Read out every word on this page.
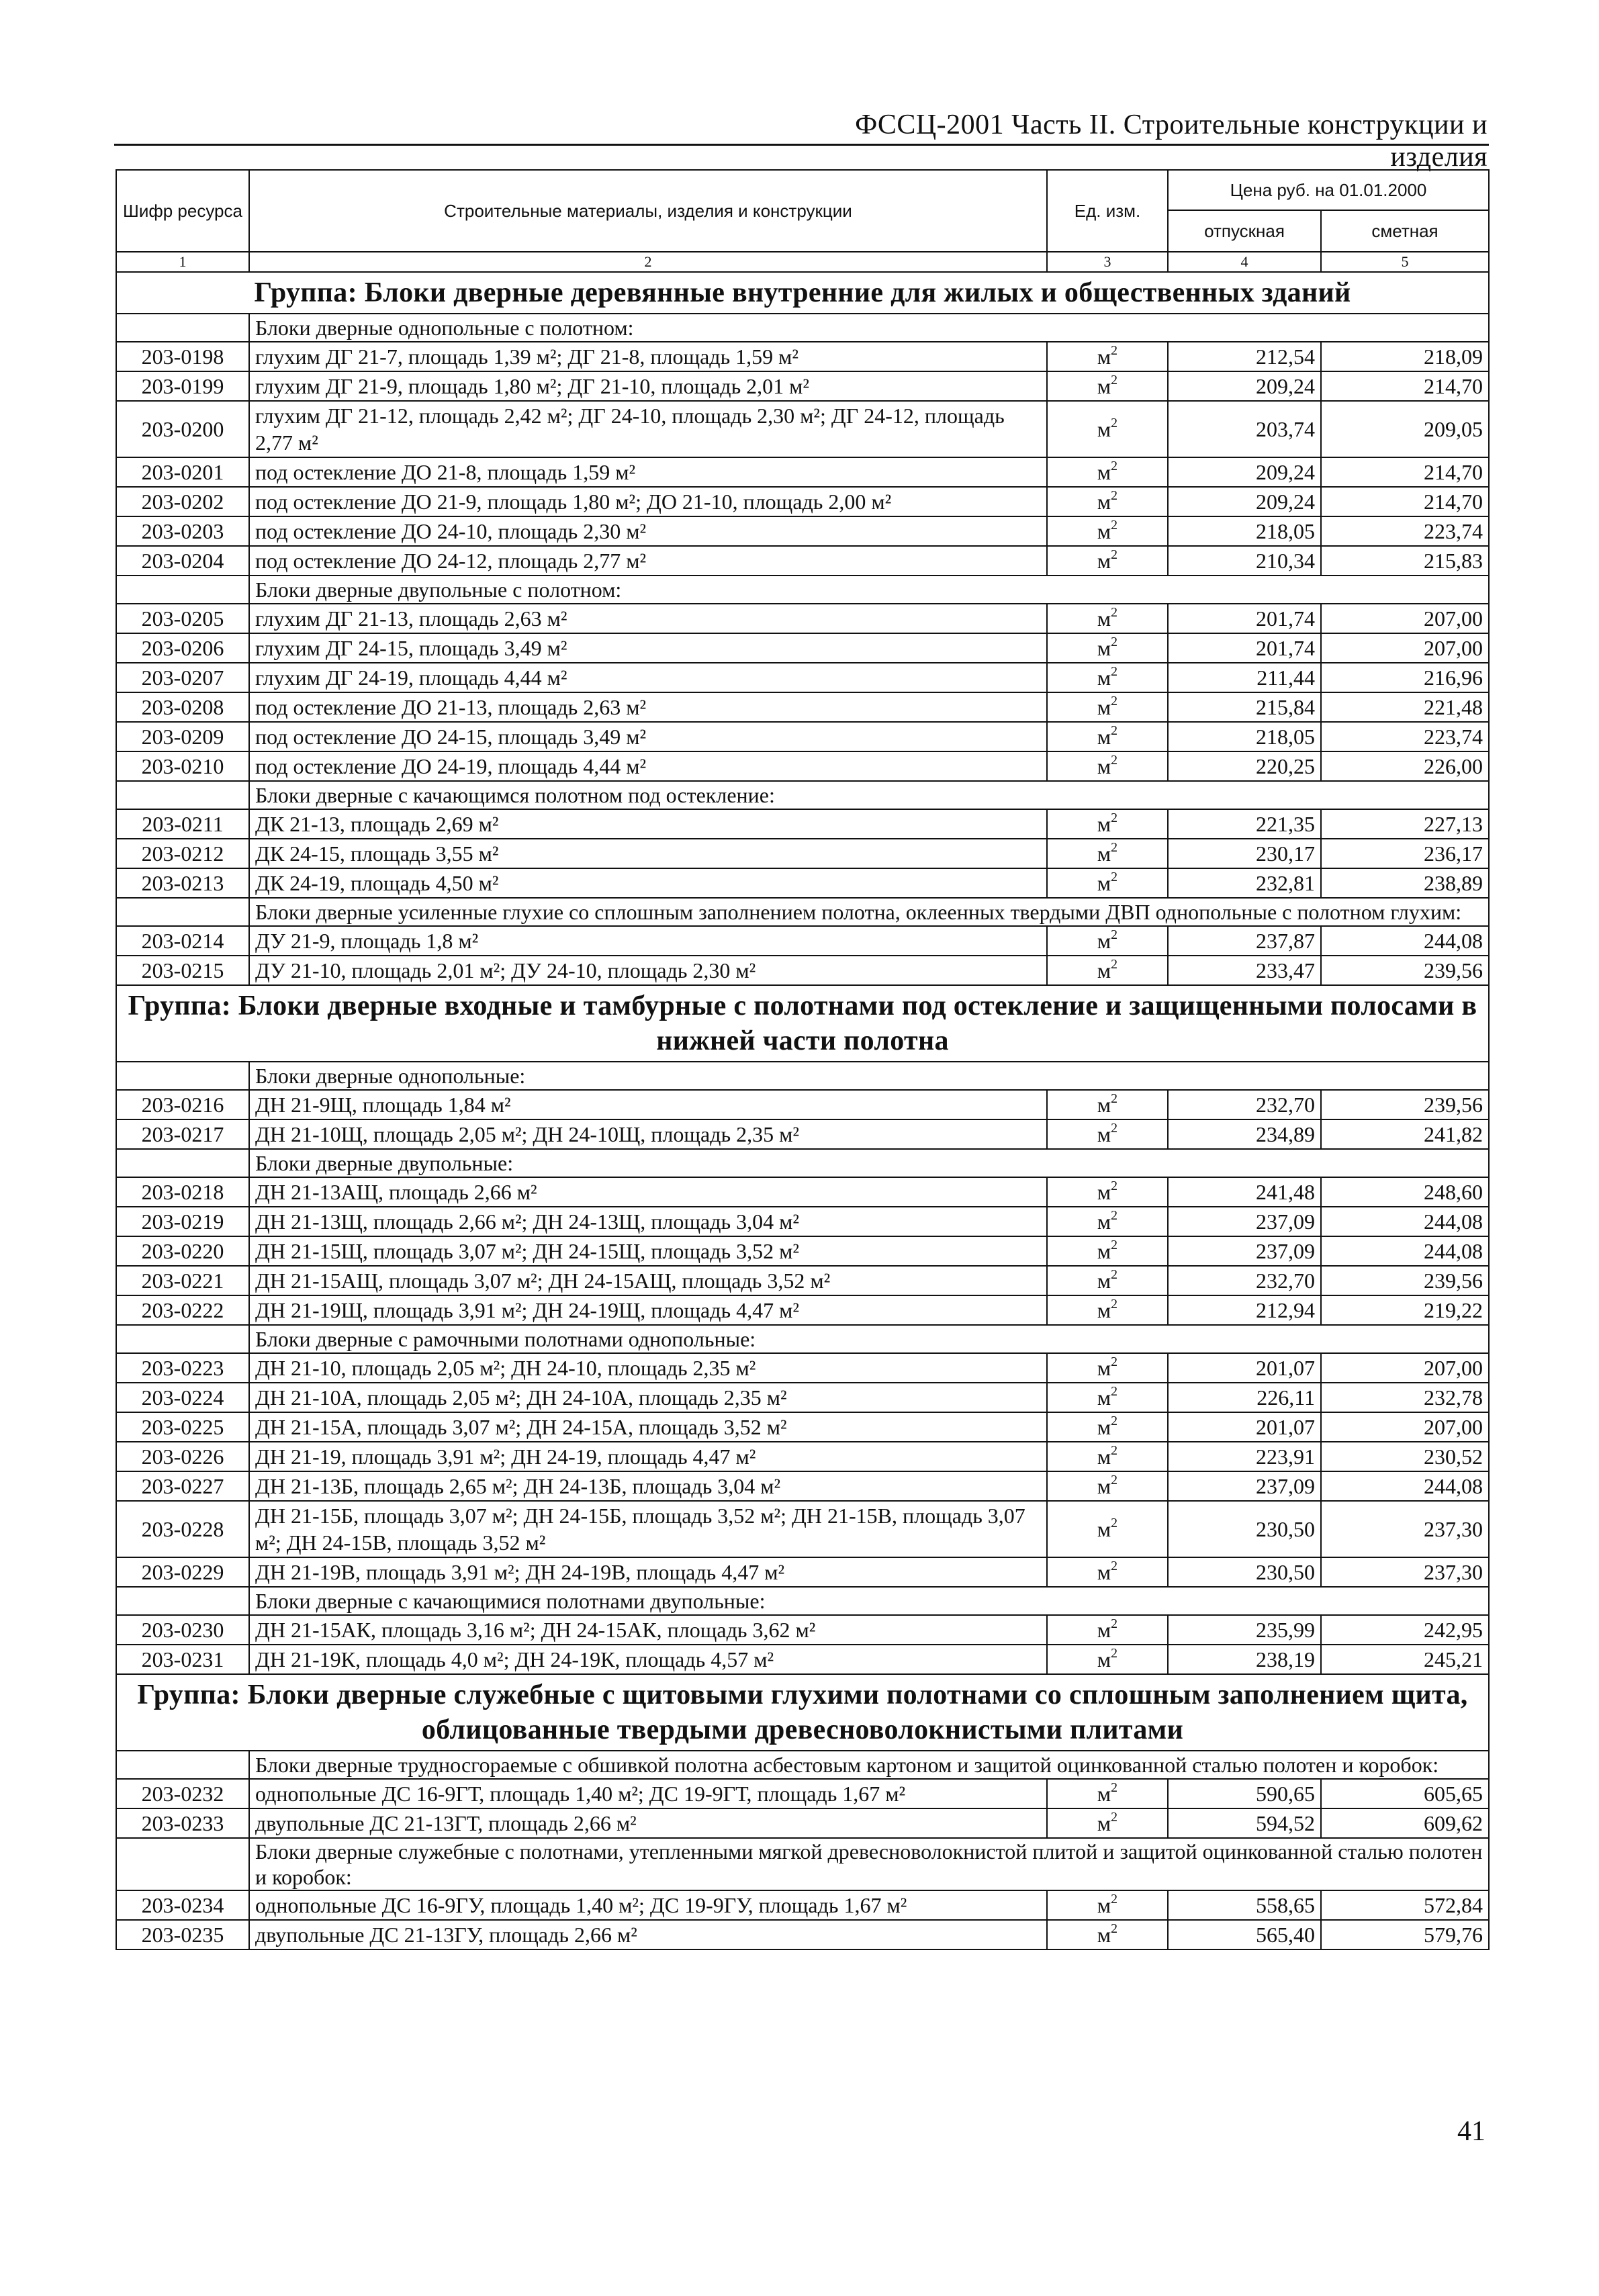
ФССЦ-2001 Часть II. Строительные конструкции и изделия
Шифр ресурса	Строительные материалы, изделия и конструкции	Ед. изм.	Цена руб. на 01.01.2000	
			отпускная	сметная
1	2	3	4	5
Группа: Блоки дверные деревянные внутренние для жилых и общественных зданий				
	Блоки дверные однопольные с полотном:			
203-0198	глухим ДГ 21-7, площадь 1,39 м²; ДГ 21-8, площадь 1,59 м²	$м^2$	212,54	218,09
203-0199	глухим ДГ 21-9, площадь 1,80 м²; ДГ 21-10, площадь 2,01 м²	$м^2$	209,24	214,70
203-0200	глухим ДГ 21-12, площадь 2,42 м²; ДГ 24-10, площадь 2,30 м²; ДГ 24-12, площадь 2,77 м²	$м^2$	203,74	209,05
203-0201	под остекление ДО 21-8, площадь 1,59 м²	$м^2$	209,24	214,70
203-0202	под остекление ДО 21-9, площадь 1,80 м²; ДО 21-10, площадь 2,00 м²	$м^2$	209,24	214,70
203-0203	под остекление ДО 24-10, площадь 2,30 м²	$м^2$	218,05	223,74
203-0204	под остекление ДО 24-12, площадь 2,77 м²	$м^2$	210,34	215,83
	Блоки дверные двупольные с полотном:			
203-0205	глухим ДГ 21-13, площадь 2,63 м²	$м^2$	201,74	207,00
203-0206	глухим ДГ 24-15, площадь 3,49 м²	$м^2$	201,74	207,00
203-0207	глухим ДГ 24-19, площадь 4,44 м²	$м^2$	211,44	216,96
203-0208	под остекление ДО 21-13, площадь 2,63 м²	$м^2$	215,84	221,48
203-0209	под остекление ДО 24-15, площадь 3,49 м²	$м^2$	218,05	223,74
203-0210	под остекление ДО 24-19, площадь 4,44 м²	$м^2$	220,25	226,00
	Блоки дверные с качающимся полотном под остекление:			
203-0211	ДК 21-13, площадь 2,69 м²	$м^2$	221,35	227,13
203-0212	ДК 24-15, площадь 3,55 м²	$м^2$	230,17	236,17
203-0213	ДК 24-19, площадь 4,50 м²	$м^2$	232,81	238,89
	Блоки дверные усиленные глухие со сплошным заполнением полотна, оклеенных твердыми ДВП однопольные с полотном глухим:			
203-0214	ДУ 21-9, площадь 1,8 м²	$м^2$	237,87	244,08
203-0215	ДУ 21-10, площадь 2,01 м²; ДУ 24-10, площадь 2,30 м²	$м^2$	233,47	239,56
Группа: Блоки дверные входные и тамбурные с полотнами под остекление и защищенными полосами в нижней части полотна				
	Блоки дверные однопольные:			
203-0216	ДН 21-9Щ, площадь 1,84 м²	$м^2$	232,70	239,56
203-0217	ДН 21-10Щ, площадь 2,05 м²; ДН 24-10Щ, площадь 2,35 м²	$м^2$	234,89	241,82
	Блоки дверные двупольные:			
203-0218	ДН 21-13АЩ, площадь 2,66 м²	$м^2$	241,48	248,60
203-0219	ДН 21-13Щ, площадь 2,66 м²; ДН 24-13Щ, площадь 3,04 м²	$м^2$	237,09	244,08
203-0220	ДН 21-15Щ, площадь 3,07 м²; ДН 24-15Щ, площадь 3,52 м²	$м^2$	237,09	244,08
203-0221	ДН 21-15АЩ, площадь 3,07 м²; ДН 24-15АЩ, площадь 3,52 м²	$м^2$	232,70	239,56
203-0222	ДН 21-19Щ, площадь 3,91 м²; ДН 24-19Щ, площадь 4,47 м²	$м^2$	212,94	219,22
	Блоки дверные с рамочными полотнами однопольные:			
203-0223	ДН 21-10, площадь 2,05 м²; ДН 24-10, площадь 2,35 м²	$м^2$	201,07	207,00
203-0224	ДН 21-10А, площадь 2,05 м²; ДН 24-10А, площадь 2,35 м²	$м^2$	226,11	232,78
203-0225	ДН 21-15А, площадь 3,07 м²; ДН 24-15А, площадь 3,52 м²	$м^2$	201,07	207,00
203-0226	ДН 21-19, площадь 3,91 м²; ДН 24-19, площадь 4,47 м²	$м^2$	223,91	230,52
203-0227	ДН 21-13Б, площадь 2,65 м²; ДН 24-13Б, площадь 3,04 м²	$м^2$	237,09	244,08
203-0228	ДН 21-15Б, площадь 3,07 м²; ДН 24-15Б, площадь 3,52 м²; ДН 21-15В, площадь 3,07 м²; ДН 24-15В, площадь 3,52 м²	$м^2$	230,50	237,30
203-0229	ДН 21-19В, площадь 3,91 м²; ДН 24-19В, площадь 4,47 м²	$м^2$	230,50	237,30
	Блоки дверные с качающимися полотнами двупольные:			
203-0230	ДН 21-15АК, площадь 3,16 м²; ДН 24-15АК, площадь 3,62 м²	$м^2$	235,99	242,95
203-0231	ДН 21-19К, площадь 4,0 м²; ДН 24-19К, площадь 4,57 м²	$м^2$	238,19	245,21
Группа: Блоки дверные служебные с щитовыми глухими полотнами со сплошным заполнением щита, облицованные твердыми древесноволокнистыми плитами				
	Блоки дверные трудносгораемые с обшивкой полотна асбестовым картоном и защитой оцинкованной сталью полотен и коробок:			
203-0232	однопольные ДС 16-9ГТ, площадь 1,40 м²; ДС 19-9ГТ, площадь 1,67 м²	$м^2$	590,65	605,65
203-0233	двупольные ДС 21-13ГТ, площадь 2,66 м²	$м^2$	594,52	609,62
	Блоки дверные служебные с полотнами, утепленными мягкой древесноволокнистой плитой и защитой оцинкованной сталью полотен и коробок:			
203-0234	однопольные ДС 16-9ГУ, площадь 1,40 м²; ДС 19-9ГУ, площадь 1,67 м²	$м^2$	558,65	572,84
203-0235	двупольные ДС 21-13ГУ, площадь 2,66 м²	$м^2$	565,40	579,76
41
